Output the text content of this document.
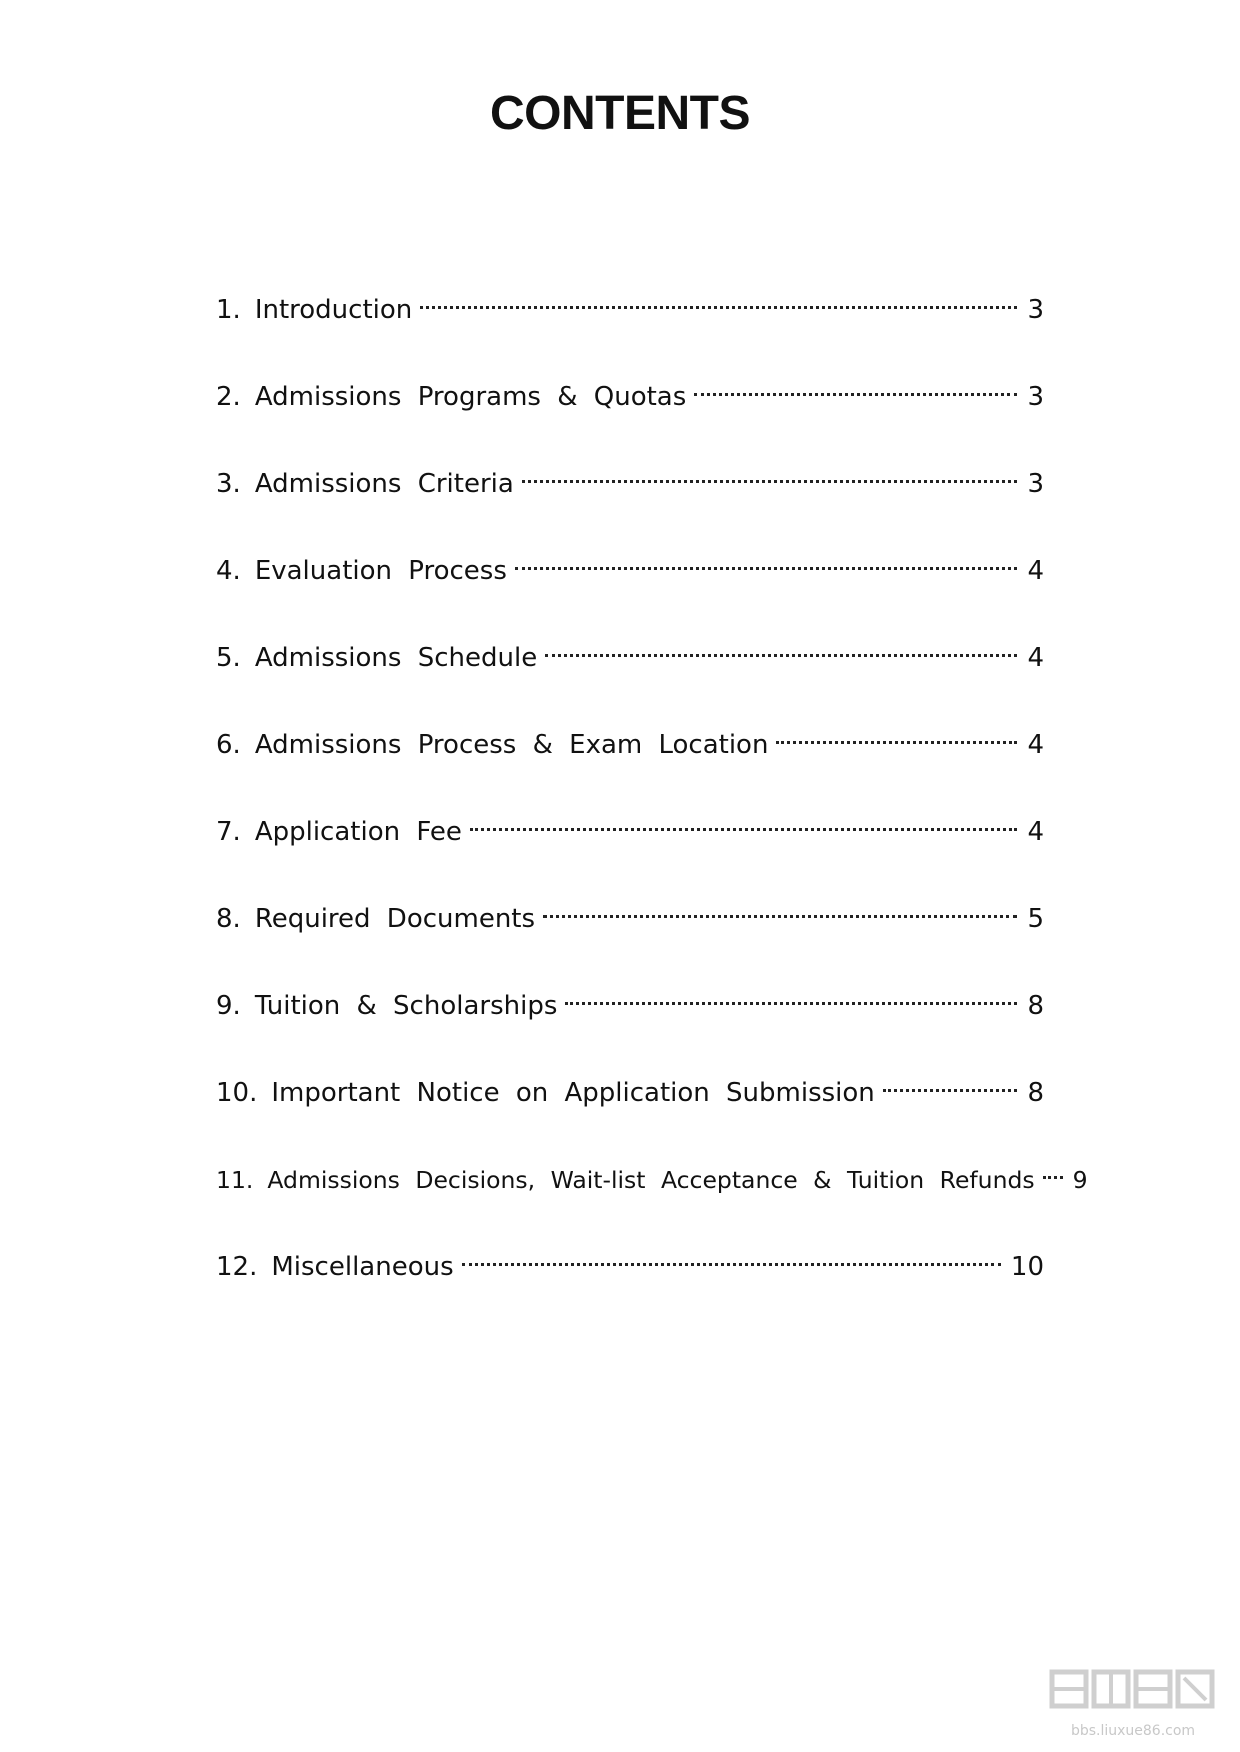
CONTENTS
1. Introduction	3
2. Admissions Programs & Quotas	3
3. Admissions Criteria	3
4. Evaluation Process	4
5. Admissions Schedule	4
6. Admissions Process & Exam Location	4
7. Application Fee	4
8. Required Documents	5
9. Tuition & Scholarships	8
10. Important Notice on Application Submission	8
11. Admissions Decisions, Wait-list Acceptance & Tuition Refunds 9
12. Miscellaneous	10
bbs.liuxue86.com
